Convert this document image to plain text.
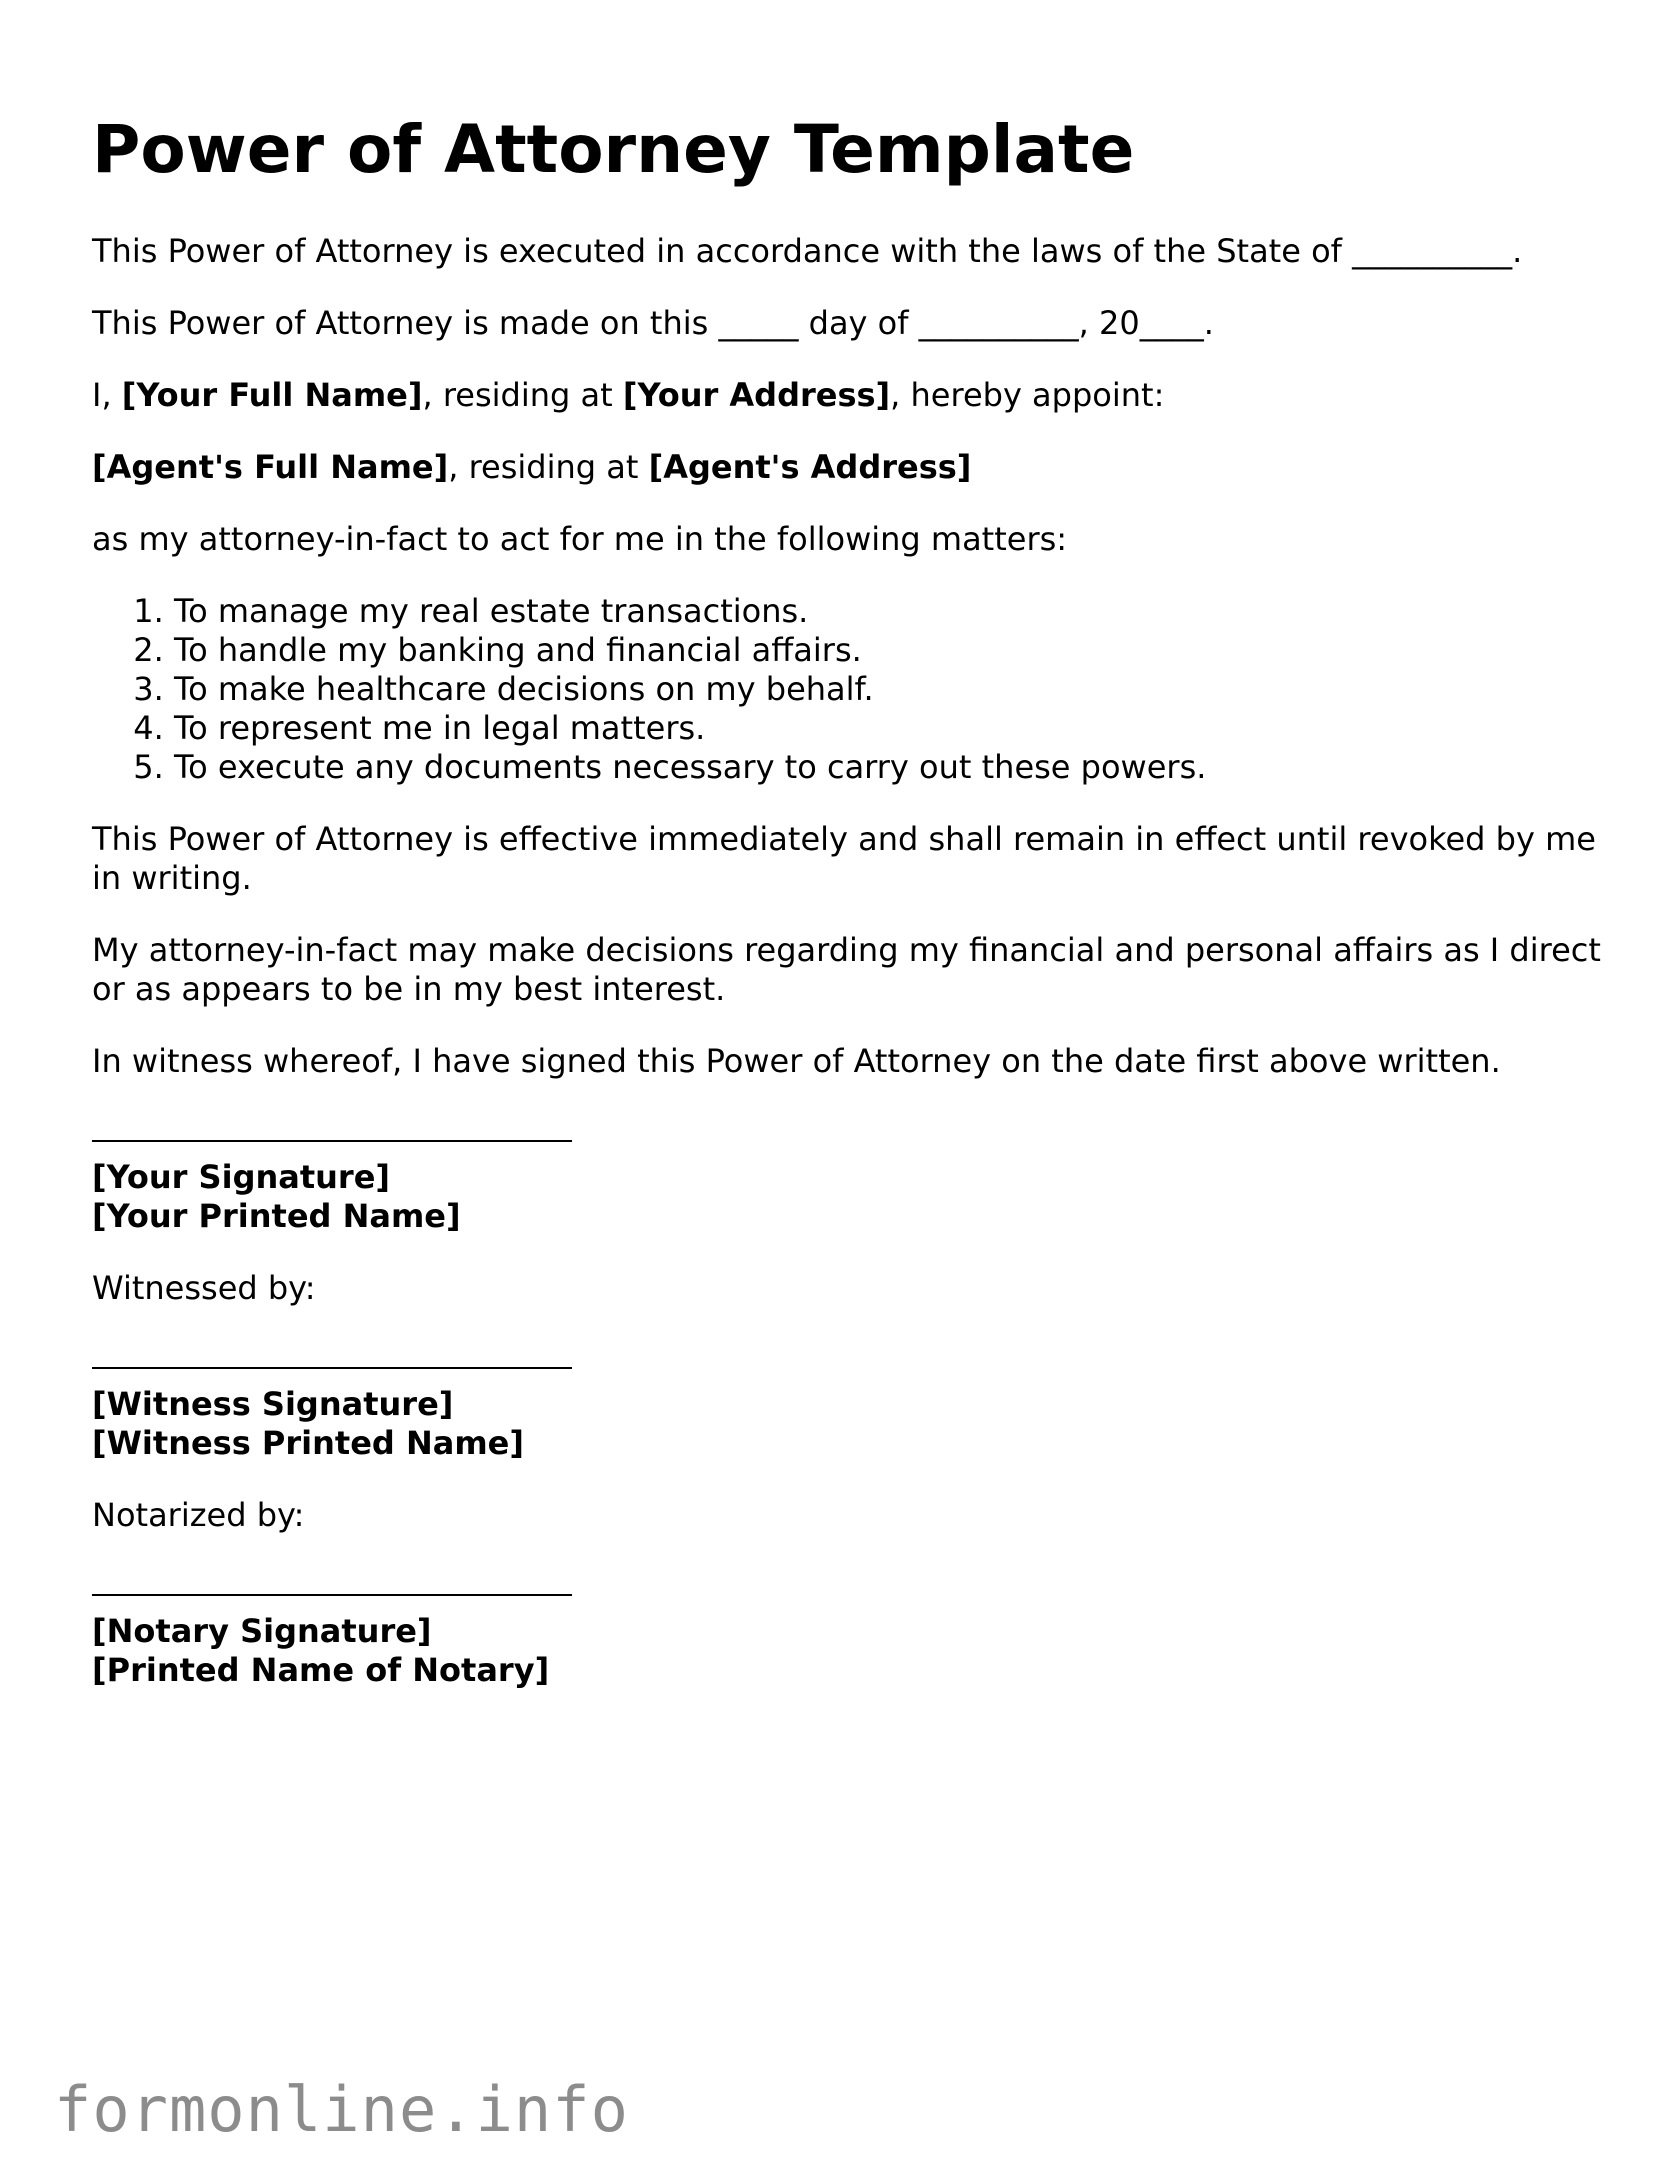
Power of Attorney Template

This Power of Attorney is executed in accordance with the laws of the State of __________.

This Power of Attorney is made on this _____ day of __________, 20____.

I, [Your Full Name], residing at [Your Address], hereby appoint:

[Agent's Full Name], residing at [Agent's Address]

as my attorney-in-fact to act for me in the following matters:

1. To manage my real estate transactions.
2. To handle my banking and financial affairs.
3. To make healthcare decisions on my behalf.
4. To represent me in legal matters.
5. To execute any documents necessary to carry out these powers.

This Power of Attorney is effective immediately and shall remain in effect until revoked by me in writing.

My attorney-in-fact may make decisions regarding my financial and personal affairs as I direct or as appears to be in my best interest.

In witness whereof, I have signed this Power of Attorney on the date first above written.

[Your Signature]
[Your Printed Name]

Witnessed by:

[Witness Signature]
[Witness Printed Name]

Notarized by:

[Notary Signature]
[Printed Name of Notary]
formonline.info
